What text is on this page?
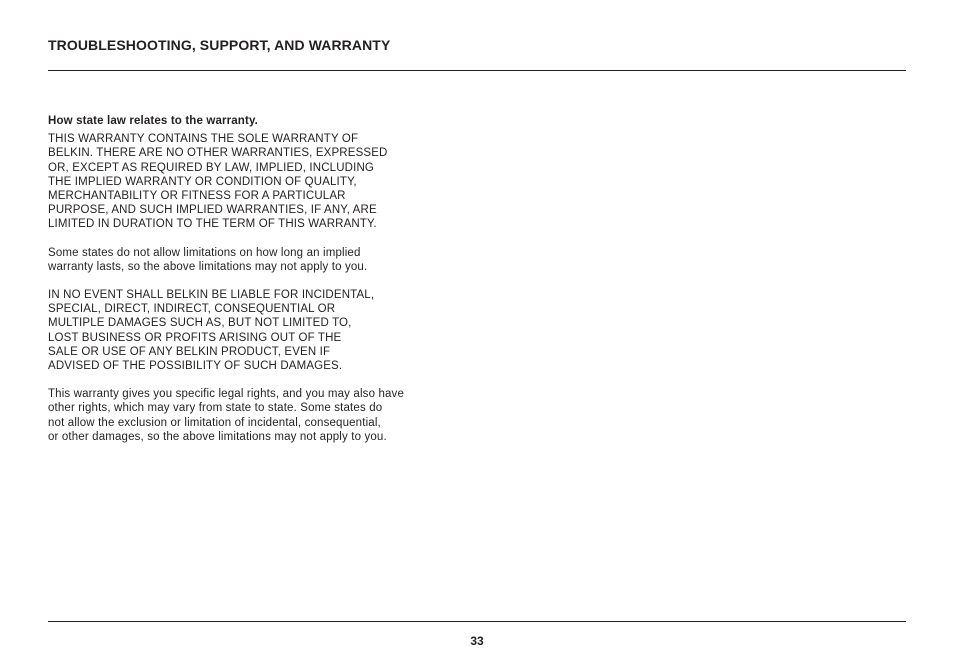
TROUBLESHOOTING, SUPPORT, AND WARRANTY
How state law relates to the warranty.
THIS WARRANTY CONTAINS THE SOLE WARRANTY OF
BELKIN. THERE ARE NO OTHER WARRANTIES, EXPRESSED
OR, EXCEPT AS REQUIRED BY LAW, IMPLIED, INCLUDING
THE IMPLIED WARRANTY OR CONDITION OF QUALITY,
MERCHANTABILITY OR FITNESS FOR A PARTICULAR
PURPOSE, AND SUCH IMPLIED WARRANTIES, IF ANY, ARE
LIMITED IN DURATION TO THE TERM OF THIS WARRANTY.
Some states do not allow limitations on how long an implied
warranty lasts, so the above limitations may not apply to you.
IN NO EVENT SHALL BELKIN BE LIABLE FOR INCIDENTAL,
SPECIAL, DIRECT, INDIRECT, CONSEQUENTIAL OR
MULTIPLE DAMAGES SUCH AS, BUT NOT LIMITED TO,
LOST BUSINESS OR PROFITS ARISING OUT OF THE
SALE OR USE OF ANY BELKIN PRODUCT, EVEN IF
ADVISED OF THE POSSIBILITY OF SUCH DAMAGES.
This warranty gives you specific legal rights, and you may also have
other rights, which may vary from state to state. Some states do
not allow the exclusion or limitation of incidental, consequential,
or other damages, so the above limitations may not apply to you.
33
